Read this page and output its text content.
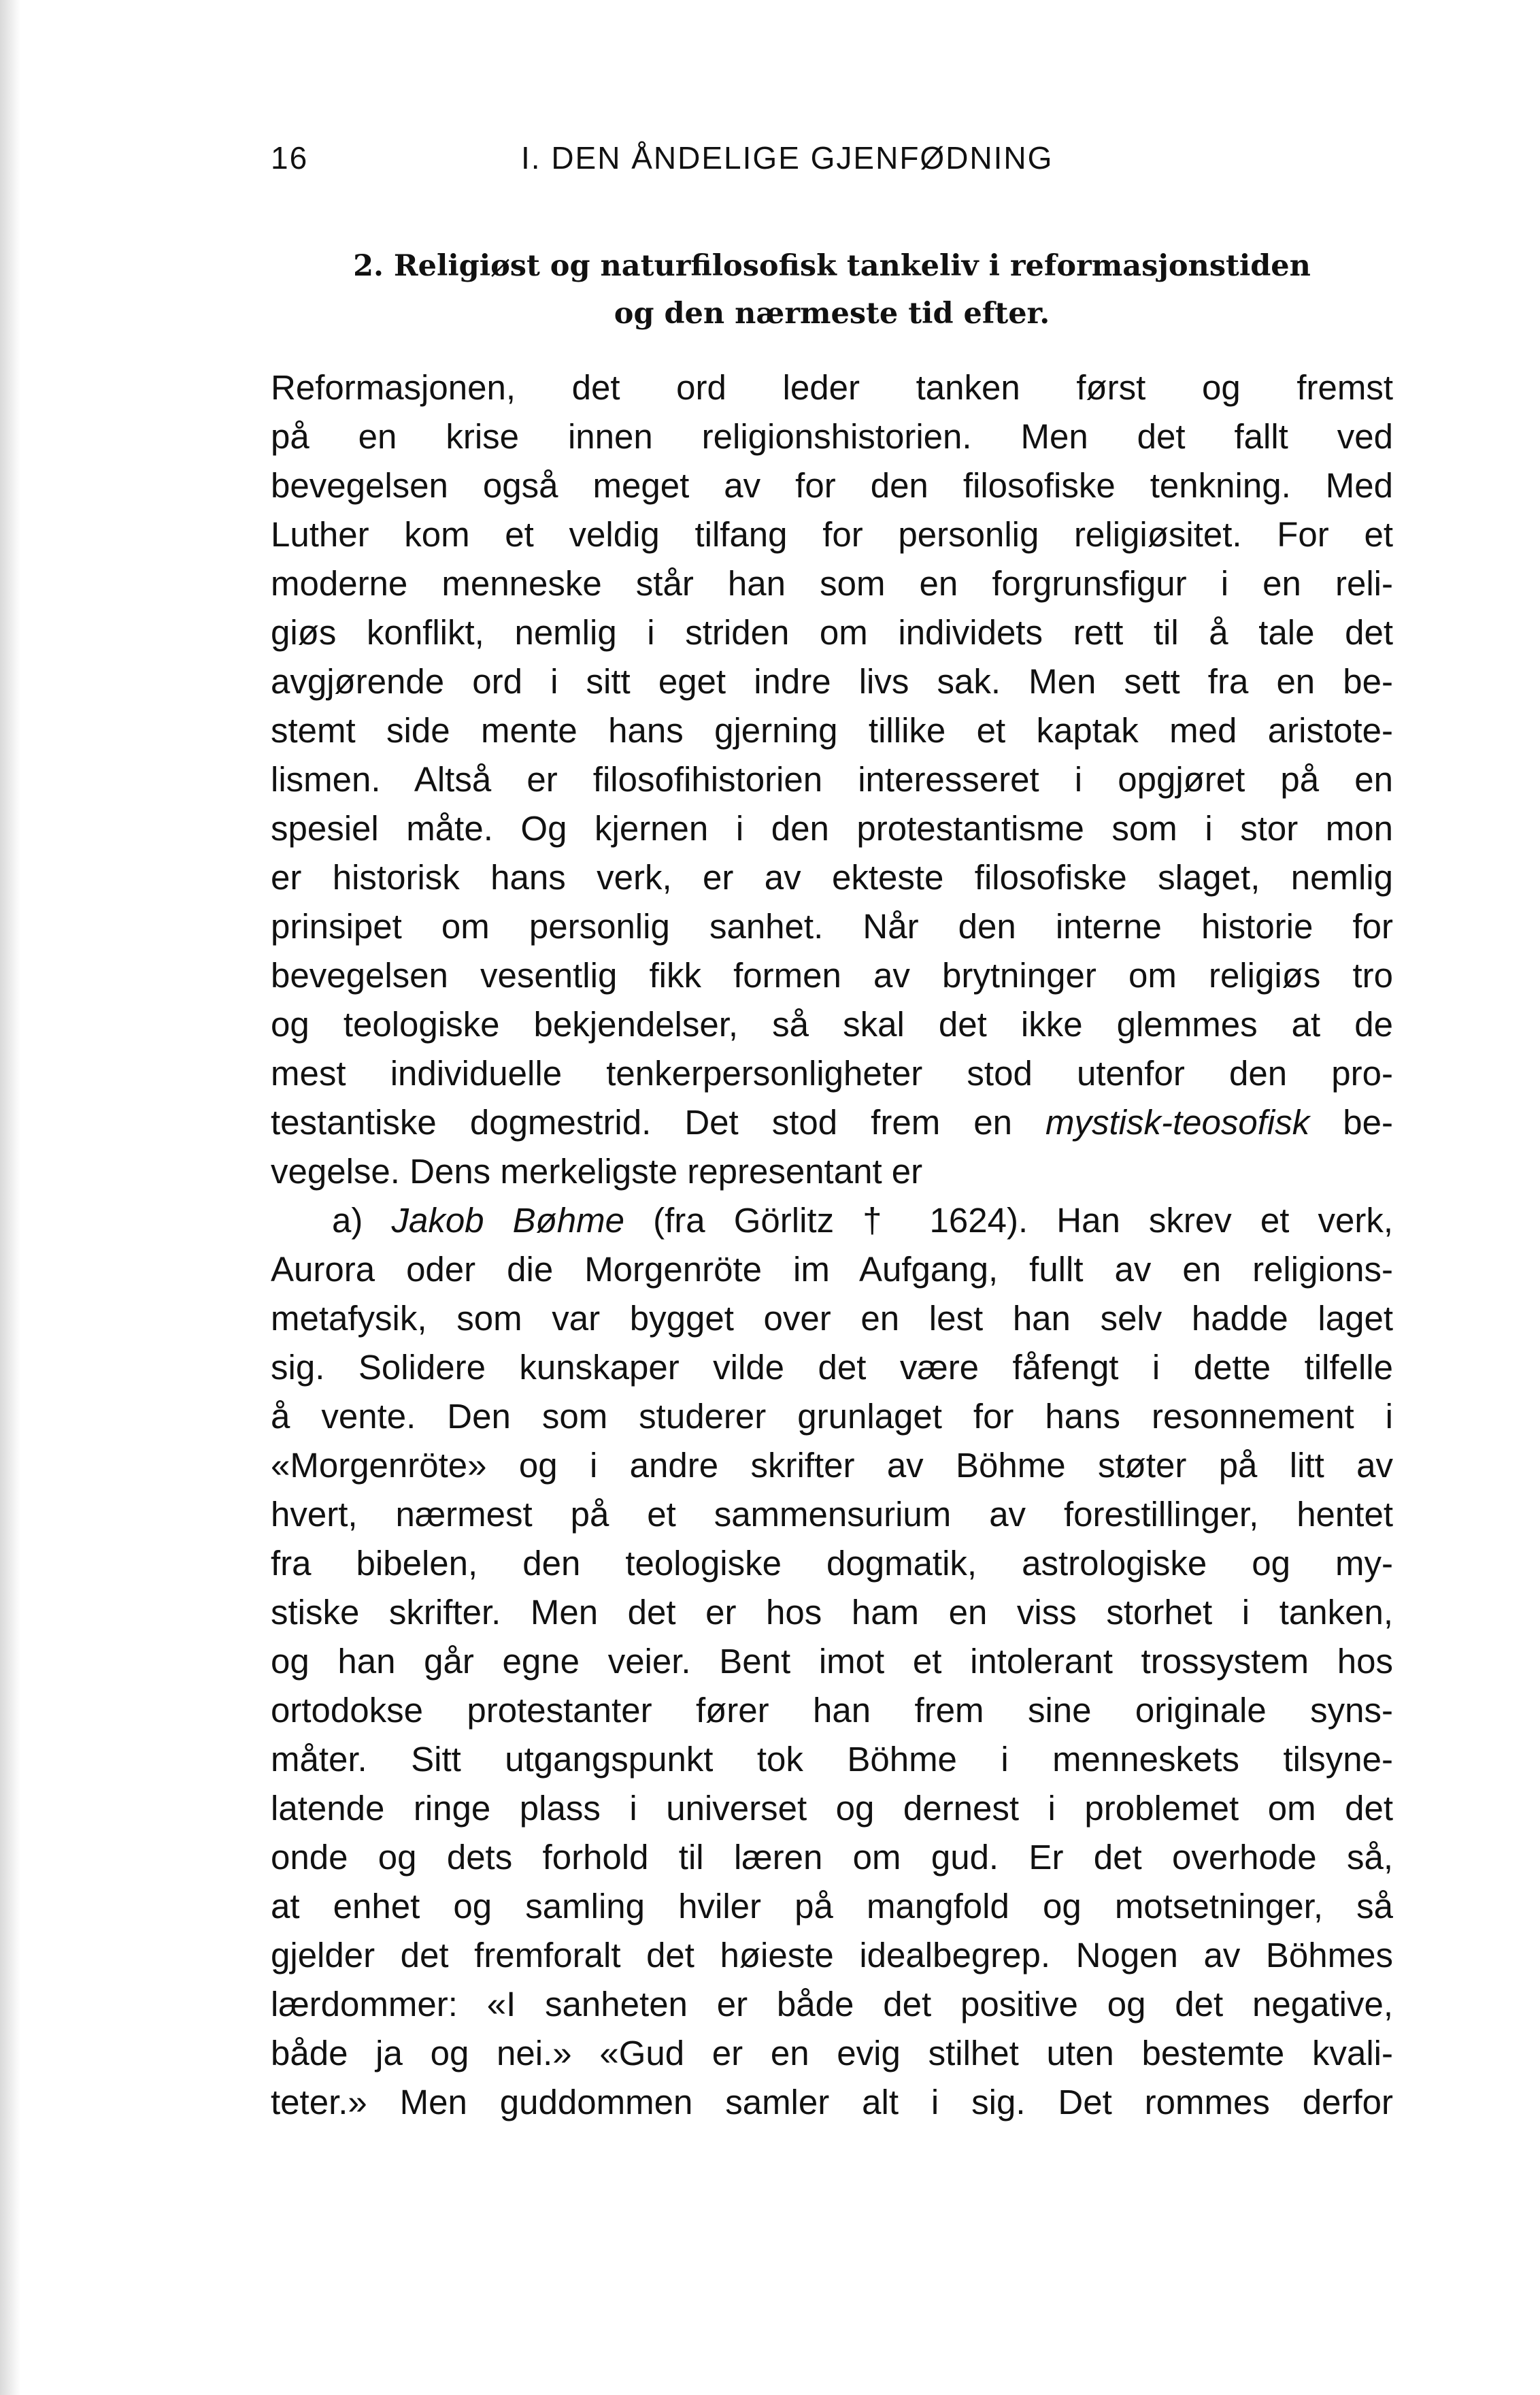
16	I. DEN ÅNDELIGE GJENFØDNING
2. Religiøst og naturfilosofisk tankeliv i reformasjonstiden
og den nærmeste tid efter.
Reformasjonen, det ord leder tanken først og fremst
på en krise innen religionshistorien. Men det fallt ved
bevegelsen også meget av for den filosofiske tenkning. Med
Luther kom et veldig tilfang for personlig religiøsitet. For et
moderne menneske står han som en forgrunsfigur i en reli-
giøs konflikt, nemlig i striden om individets rett til å tale det
avgjørende ord i sitt eget indre livs sak. Men sett fra en be-
stemt side mente hans gjerning tillike et kaptak med aristote-
lismen. Altså er filosofihistorien interesseret i opgjøret på en
spesiel måte. Og kjernen i den protestantisme som i stor mon
er historisk hans verk, er av ekteste filosofiske slaget, nemlig
prinsipet om personlig sanhet. Når den interne historie for
bevegelsen vesentlig fikk formen av brytninger om religiøs tro
og teologiske bekjendelser, så skal det ikke glemmes at de
mest individuelle tenkerpersonligheter stod utenfor den pro-
testantiske dogmestrid. Det stod frem en mystisk-teosofisk be-
vegelse. Dens merkeligste representant er
a) Jakob Bøhme (fra Görlitz † 1624). Han skrev et verk,
Aurora oder die Morgenröte im Aufgang, fullt av en religions-
metafysik, som var bygget over en lest han selv hadde laget
sig. Solidere kunskaper vilde det være fåfengt i dette tilfelle
å vente. Den som studerer grunlaget for hans resonnement i
«Morgenröte» og i andre skrifter av Böhme støter på litt av
hvert, nærmest på et sammensurium av forestillinger, hentet
fra bibelen, den teologiske dogmatik, astrologiske og my-
stiske skrifter. Men det er hos ham en viss storhet i tanken,
og han går egne veier. Bent imot et intolerant trossystem hos
ortodokse protestanter fører han frem sine originale syns-
måter. Sitt utgangspunkt tok Böhme i menneskets tilsyne-
latende ringe plass i universet og dernest i problemet om det
onde og dets forhold til læren om gud. Er det overhode så,
at enhet og samling hviler på mangfold og motsetninger, så
gjelder det fremforalt det høieste idealbegrep. Nogen av Böhmes
lærdommer: «I sanheten er både det positive og det negative,
både ja og nei.» «Gud er en evig stilhet uten bestemte kvali-
teter.» Men guddommen samler alt i sig. Det rommes derfor
